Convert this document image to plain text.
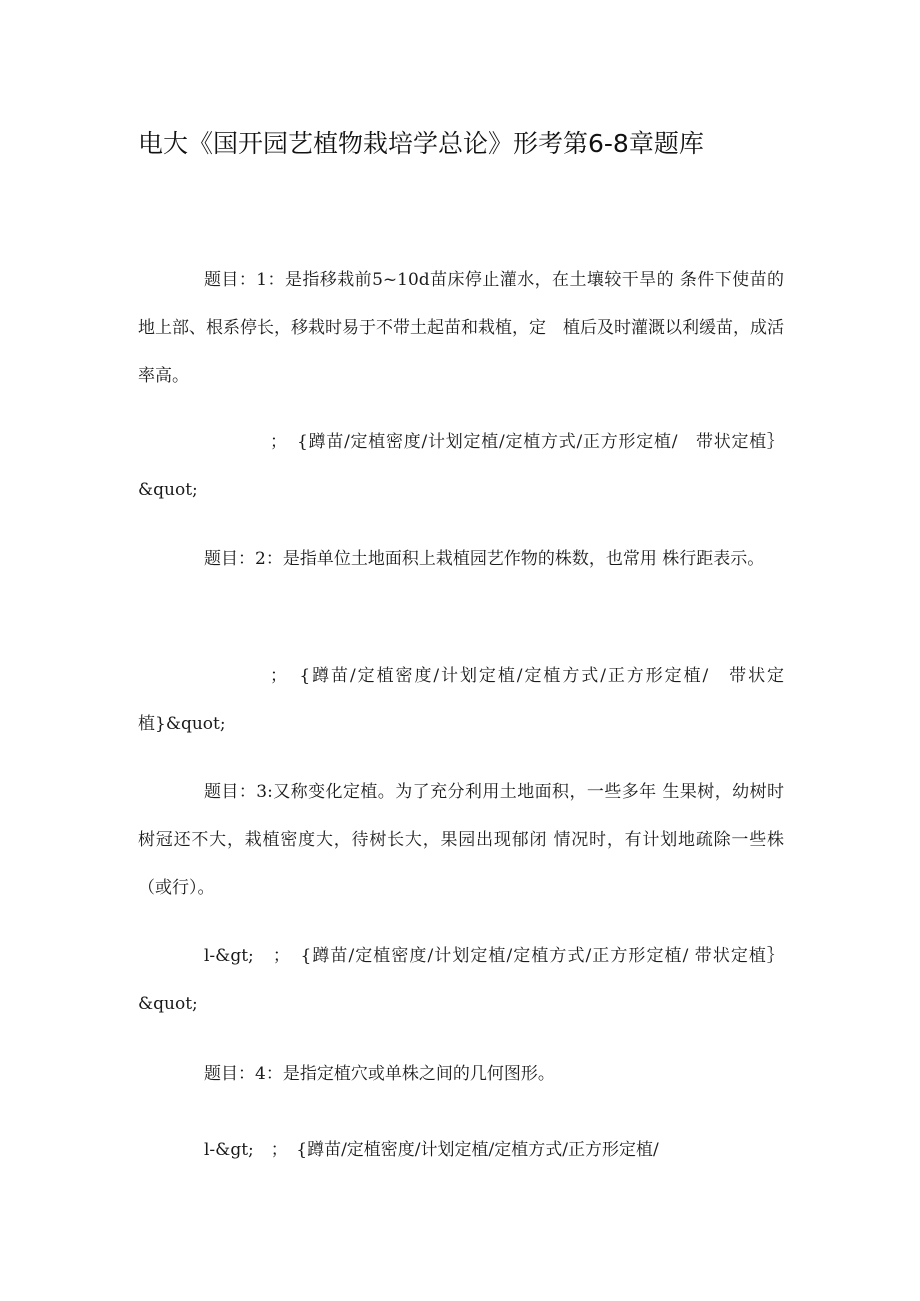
电大《国开园艺植物栽培学总论》形考第6-8章题库

题目：1：是指移栽前5~10d苗床停止灌水，在土壤较干旱的 条件下使苗的地上部、根系停长，移栽时易于不带土起苗和栽植，定　植后及时灌溉以利缓苗，成活率高。

；　{蹲苗/定植密度/计划定植/定植方式/正方形定植/　带状定植｝&quot;

题目：2：是指单位土地面积上栽植园艺作物的株数，也常用 株行距表示。

；　{蹲苗/定植密度/计划定植/定植方式/正方形定植/　带状定植}&quot;

题目：3:又称变化定植。为了充分利用土地面积，一些多年 生果树，幼树时树冠还不大，栽植密度大，待树长大，果园出现郁闭 情况时，有计划地疏除一些株（或行）。

l-&gt;　；　{蹲苗/定植密度/计划定植/定植方式/正方形定植/ 带状定植｝ &quot;

题目：4：是指定植穴或单株之间的几何图形。

l-&gt;　；　{蹲苗/定植密度/计划定植/定植方式/正方形定植/
